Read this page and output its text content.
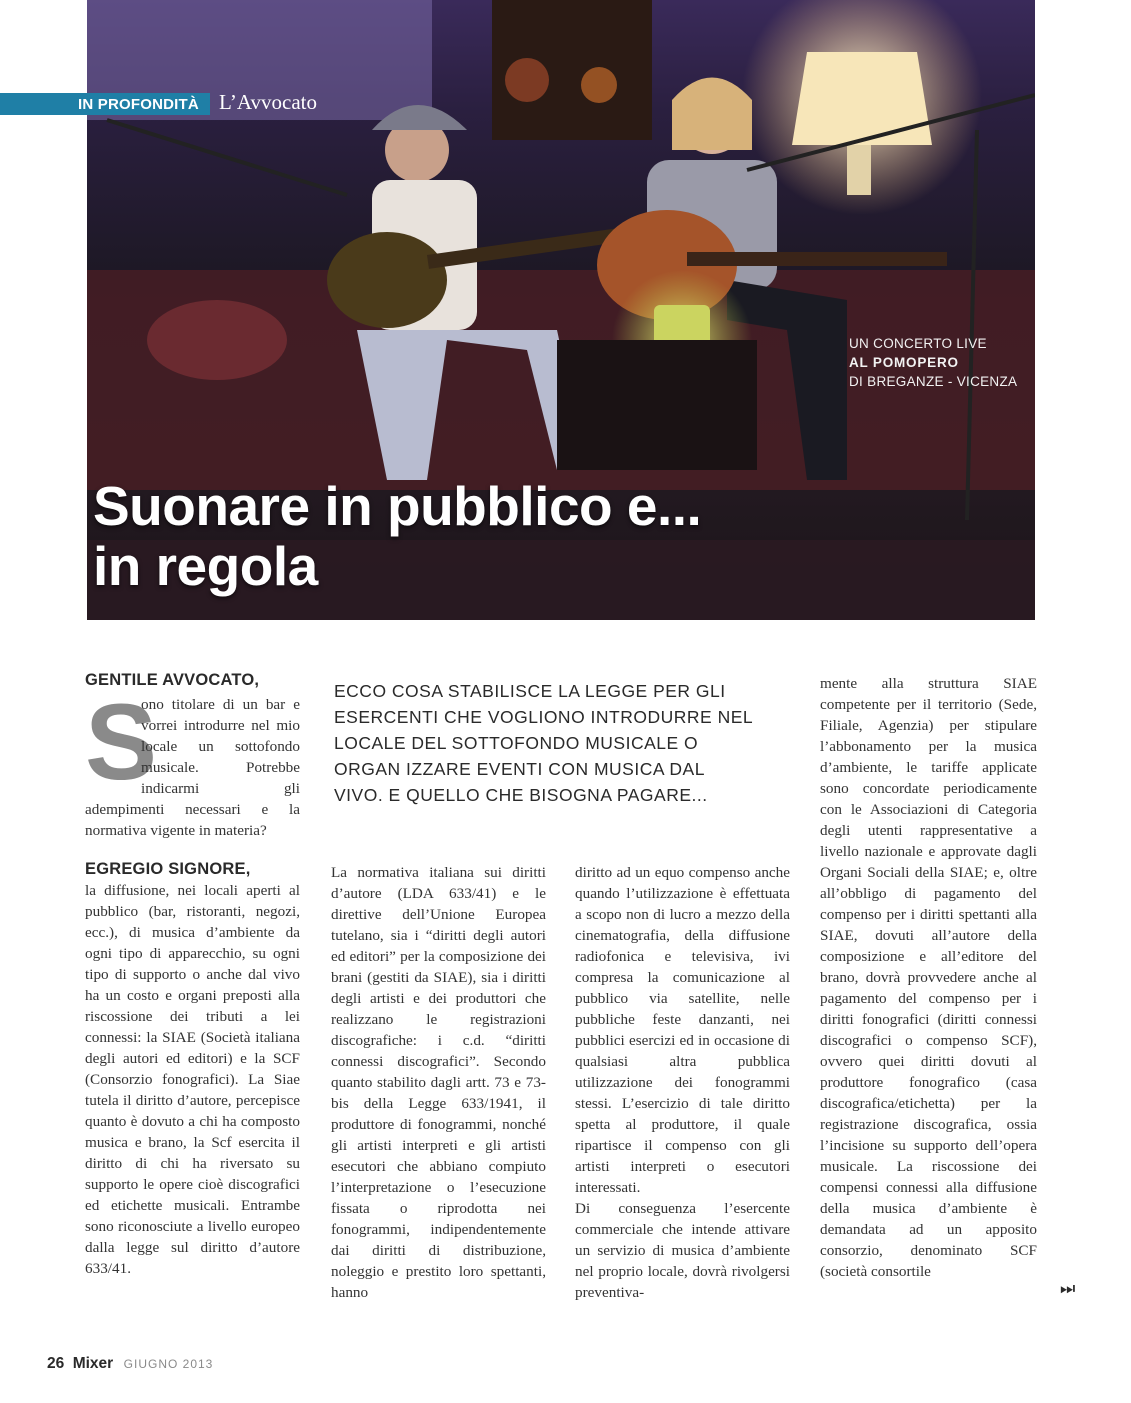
IN PROFONDITÀ L’Avvocato
UN CONCERTO LIVE
AL POMOPERO
DI BREGANZE - VICENZA
Suonare in pubblico e...
in regola
GENTILE AVVOCATO,
S
ono titolare di un bar e vorrei introdurre nel mio locale un sottofondo musicale. Potrebbe indicarmi gli adempimenti necessari e la normativa vigente in materia?
EGREGIO SIGNORE,
la diffusione, nei locali aperti al pubblico (bar, ristoranti, negozi, ecc.), di musica d’ambiente da ogni tipo di apparecchio, su ogni tipo di supporto o anche dal vivo ha un costo e organi preposti alla riscossione dei tributi a lei connessi: la SIAE (Società italiana degli autori ed editori) e la SCF (Consorzio fonografici). La Siae tutela il diritto d’autore, percepisce quanto è dovuto a chi ha composto musica e brano, la Scf esercita il diritto di chi ha riversato su supporto le opere cioè discografici ed etichette musicali. Entrambe sono riconosciute a livello europeo dalla legge sul diritto d’autore 633/41.
ECCO COSA STABILISCE LA LEGGE PER GLI ESERCENTI CHE VOGLIONO INTRODURRE NEL LOCALE DEL SOTTOFONDO MUSICALE O ORGAN IZZARE EVENTI CON MUSICA DAL VIVO. E QUELLO CHE BISOGNA PAGARE...
La normativa italiana sui diritti d’autore (LDA 633/41) e le direttive dell’Unione Europea tutelano, sia i “diritti degli autori ed editori” per la composizione dei brani (gestiti da SIAE), sia i diritti degli artisti e dei produttori che realizzano le registrazioni discografiche: i c.d. “diritti connessi discografici”. Secondo quanto stabilito dagli artt. 73 e 73-bis della Legge 633/1941, il produttore di fonogrammi, nonché gli artisti interpreti e gli artisti esecutori che abbiano compiuto l’interpretazione o l’esecuzione fissata o riprodotta nei fonogrammi, indipendentemente dai diritti di distribuzione, noleggio e prestito loro spettanti, hanno
diritto ad un equo compenso anche quando l’utilizzazione è effettuata a scopo non di lucro a mezzo della cinematografia, della diffusione radiofonica e televisiva, ivi compresa la comunicazione al pubblico via satellite, nelle pubbliche feste danzanti, nei pubblici esercizi ed in occasione di qualsiasi altra pubblica utilizzazione dei fonogrammi stessi. L’esercizio di tale diritto spetta al produttore, il quale ripartisce il compenso con gli artisti interpreti o esecutori interessati.
Di conseguenza l’esercente commerciale che intende attivare un servizio di musica d’ambiente nel proprio locale, dovrà rivolgersi preventiva-
mente alla struttura SIAE competente per il territorio (Sede, Filiale, Agenzia) per stipulare l’abbonamento per la musica d’ambiente, le tariffe applicate sono concordate periodicamente con le Associazioni di Categoria degli utenti rappresentative a livello nazionale e approvate dagli Organi Sociali della SIAE; e, oltre all’obbligo di pagamento del compenso per i diritti spettanti alla SIAE, dovuti all’autore della composizione e all’editore del brano, dovrà provvedere anche al pagamento del compenso per i diritti fonografici (diritti connessi discografici o compenso SCF), ovvero quei diritti dovuti al produttore fonografico (casa discografica/etichetta) per la registrazione discografica, ossia l’incisione su supporto dell’opera musicale. La riscossione dei compensi connessi alla diffusione della musica d’ambiente è demandata ad un apposito consorzio, denominato SCF (società consortile
⏭
26 Mixer GIUGNO 2013
